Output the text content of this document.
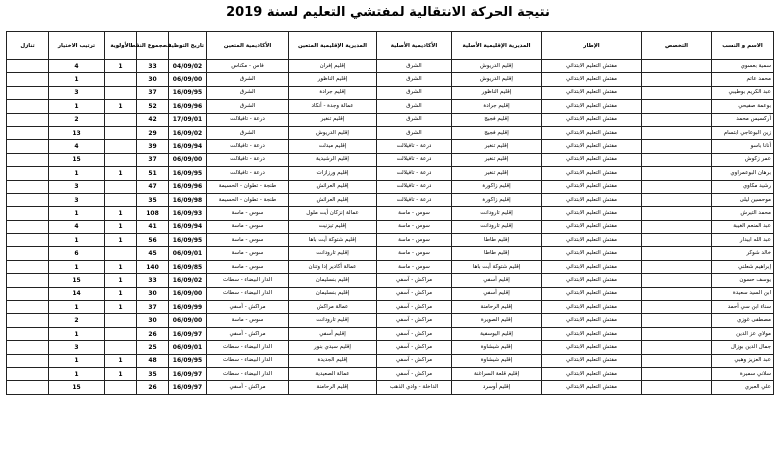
نتيجة الحركة الانتقالية لمفتشي التعليم لسنة 2019
الاسم و النسب	التخصص	الإطار	المديرية الإقليمية الأصلية	الأكاديمية الأصلية	المديرية الإقليمية المتعين	الأكاديمية المتعين	تاريخ التوظيف	مجموع النقط	الأولوية	ترتيب الاختيار	تنازل
سمية بعسوي		مفتش التعليم الابتدائي	إقليم الدريوش	الشرق	إقليم إفران	فاس - مكناس	04/09/02	33	1	4	
محمد عاتم		مفتش التعليم الابتدائي	إقليم الدريوش	الشرق	إقليم الناظور	الشرق	06/09/00	30		1	
عبد الكريم بوطيبي		مفتش التعليم الابتدائي	إقليم الناظور	الشرق	إقليم جرادة	الشرق	16/09/95	37		3	
بوعمة صفيحي		مفتش التعليم الابتدائي	إقليم جرادة	الشرق	عمالة وجدة - أنكاد	الشرق	16/09/96	52	1	1	
أركسيس محمد		مفتش التعليم الابتدائي	إقليم فجيج	الشرق	إقليم تنغير	درعة - تافيلالت	17/09/01	42		2	
زين البوعاجي ابتسام		مفتش التعليم الابتدائي	إقليم فجيج	الشرق	إقليم الدريوش	الشرق	16/09/02	29		13	
أنانا باسو		مفتش التعليم الابتدائي	إقليم تنغير	درعة - تافيلالت	إقليم ميدلت	درعة - تافيلالت	16/09/94	39		4	
عمر زكوش		مفتش التعليم الابتدائي	إقليم تنغير	درعة - تافيلالت	إقليم الرشيدية	درعة - تافيلالت	06/09/00	37		15	
برهان البوعمراوي		مفتش التعليم الابتدائي	إقليم تنغير	درعة - تافيلالت	إقليم ورزازات	درعة - تافيلالت	16/09/95	51	1	1	
رشيد مكاوي		مفتش التعليم الابتدائي	إقليم زاكورة	درعة - تافيلالت	إقليم العرائش	طنجة - تطوان - الحسيمة	16/09/96	47		3	
موحسين ليلى		مفتش التعليم الابتدائي	إقليم زاكورة	درعة - تافيلالت	إقليم العرائش	طنجة - تطوان - الحسيمة	16/09/98	35		3	
محمد التيرش		مفتش التعليم الابتدائي	إقليم تارودانت	سوس - ماسة	عمالة إنزكان أيت ملول	سوس - ماسة	16/09/93	108	1	1	
عبد المنعم الغيبة		مفتش التعليم الابتدائي	إقليم تارودانت	سوس - ماسة	إقليم تيزنيت	سوس - ماسة	16/09/94	41	1	4	
عبد الله ابيدار		مفتش التعليم الابتدائي	إقليم طاطا	سوس - ماسة	إقليم شتوكة آيت باها	سوس - ماسة	16/09/95	56	1	1	
خالد شوكر		مفتش التعليم الابتدائي	إقليم طاطا	سوس - ماسة	إقليم تارودانت	سوس - ماسة	06/09/01	45		6	
إبراهيم شعلني		مفتش التعليم الابتدائي	إقليم شتوكة آيت باها	سوس - ماسة	عمالة أكادير إدا وتنان	سوس - ماسة	16/09/85	140	1	1	
يوسف حسون		مفتش التعليم الابتدائي	إقليم آسفي	مراكش - آسفي	إقليم بنسليمان	الدار البيضاء - سطات	16/09/02	33	1	15	
ابن السيد سعيدة		مفتش التعليم الابتدائي	إقليم آسفي	مراكش - آسفي	إقليم بنسليمان	الدار البيضاء - سطات	16/09/00	30	1	14	
سناء ابن سي أحمد		مفتش التعليم الابتدائي	إقليم الرحامنة	مراكش - آسفي	عمالة مراكش	مراكش - آسفي	16/09/99	37	1	1	
مصطفى غوزي		مفتش التعليم الابتدائي	إقليم الصويرة	مراكش - آسفي	إقليم تارودانت	سوس - ماسة	06/09/00	30		2	
مولاي عز الدين		مفتش التعليم الابتدائي	إقليم اليوسفية	مراكش - آسفي	إقليم آسفي	مراكش - آسفي	16/09/97	26		1	
جمال الدين بوزال		مفتش التعليم الابتدائي	إقليم شيشاوة	مراكش - آسفي	إقليم سيدي بنور	الدار البيضاء - سطات	06/09/01	25		3	
عبد العزيز وهبي		مفتش التعليم الابتدائي	إقليم شيشاوة	مراكش - آسفي	إقليم الجديدة	الدار البيضاء - سطات	16/09/95	48	1	1	
سلاني سميرة		مفتش التعليم الابتدائي	إقليم قلعة السراغنة	مراكش - آسفي	عمالة الصعيدية	الدار البيضاء - سطات	16/09/97	35	1	1	
علي العبري		مفتش التعليم الابتدائي	إقليم أوسرد	الداخلة - وادي الذهب	إقليم الرحامنة	مراكش - آسفي	16/09/97	26		15	
